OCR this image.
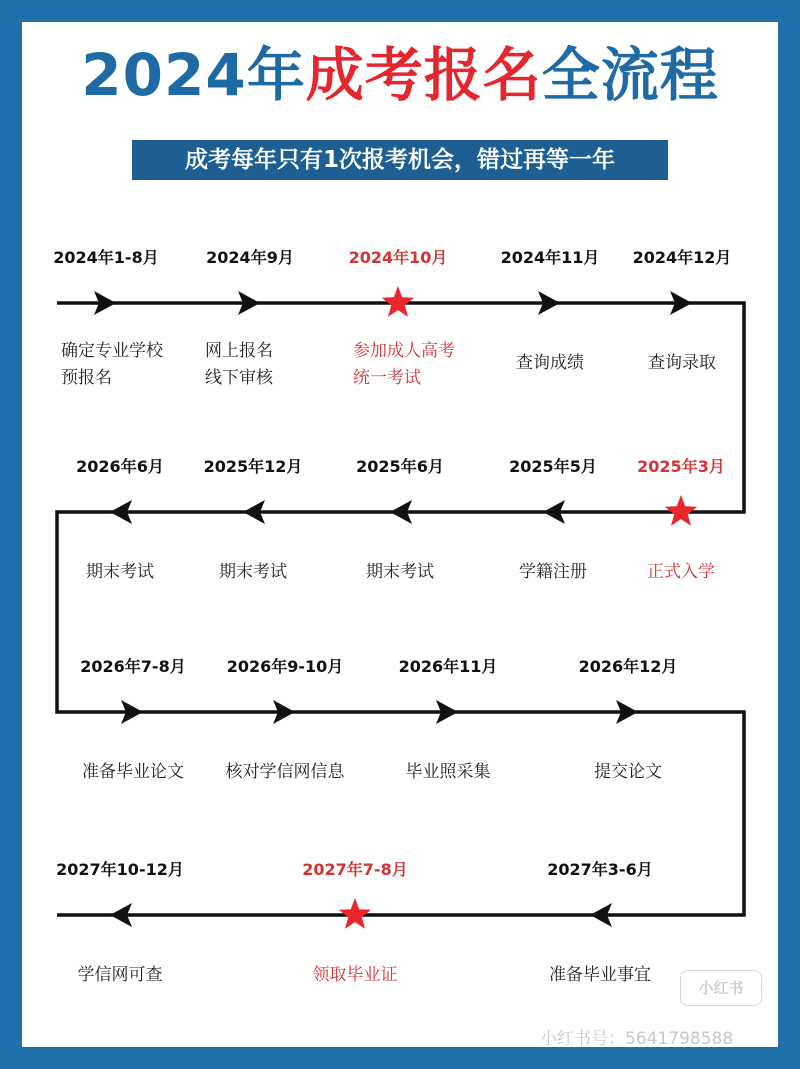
2024年成考报名全流程
成考每年只有1次报考机会，错过再等一年
2024年1-8月
确定专业学校
预报名
2024年9月
网上报名
线下审核
2024年10月
参加成人高考
统一考试
2024年11月
查询成绩
2024年12月
查询录取
2026年6月
期末考试
2025年12月
期末考试
2025年6月
期末考试
2025年5月
学籍注册
2025年3月
正式入学
2026年7-8月
准备毕业论文
2026年9-10月
核对学信网信息
2026年11月
毕业照采集
2026年12月
提交论文
2027年10-12月
学信网可查
2027年7-8月
领取毕业证
2027年3-6月
准备毕业事宜
小红书
小红书号：5641798588
